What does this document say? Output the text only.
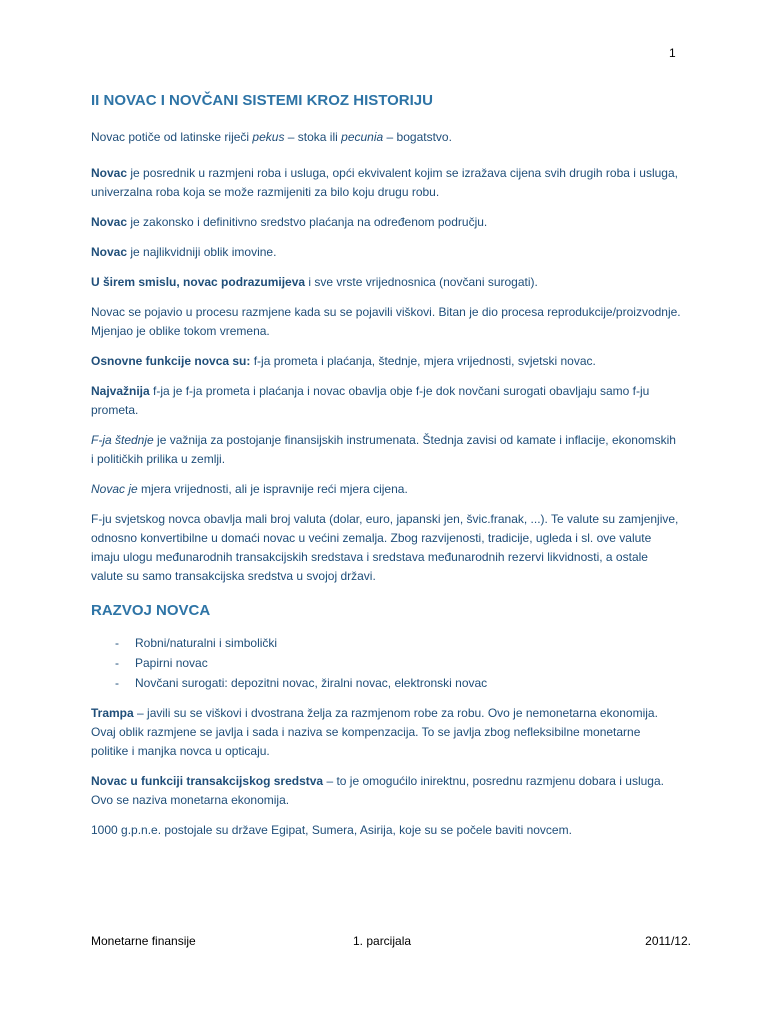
1
II NOVAC I NOVČANI SISTEMI KROZ HISTORIJU

Novac potiče od latinske riječi pekus – stoka ili pecunia – bogatstvo.

Novac je posrednik u razmjeni roba i usluga, opći ekvivalent kojim se izražava cijena svih drugih roba i usluga, univerzalna roba koja se može razmijeniti za bilo koju drugu robu.

Novac je zakonsko i definitivno sredstvo plaćanja na određenom području.

Novac je najlikvidniji oblik imovine.

U širem smislu, novac podrazumijeva i sve vrste vrijednosnica (novčani surogati).

Novac se pojavio u procesu razmjene kada su se pojavili viškovi. Bitan je dio procesa reprodukcije/proizvodnje. Mjenjao je oblike tokom vremena.

Osnovne funkcije novca su: f-ja prometa i plaćanja, štednje, mjera vrijednosti, svjetski novac.

Najvažnija f-ja je f-ja prometa i plaćanja i novac obavlja obje f-je dok novčani surogati obavljaju samo f-ju prometa.

F-ja štednje je važnija za postojanje finansijskih instrumenata. Štednja zavisi od kamate i inflacije, ekonomskih i političkih prilika u zemlji.

Novac je mjera vrijednosti, ali je ispravnije reći mjera cijena.

F-ju svjetskog novca obavlja mali broj valuta (dolar, euro, japanski jen, švic.franak, ...). Te valute su zamjenjive, odnosno konvertibilne u domaći novac u većini zemalja. Zbog razvijenosti, tradicije, ugleda i sl. ove valute imaju ulogu međunarodnih transakcijskih sredstava i sredstava međunarodnih rezervi likvidnosti, a ostale valute su samo transakcijska sredstva u svojoj državi.

RAZVOJ NOVCA
- Robni/naturalni i simbolički
- Papirni novac
- Novčani surogati: depozitni novac, žiralni novac, elektronski novac

Trampa – javili su se viškovi i dvostrana želja za razmjenom robe za robu. Ovo je nemonetarna ekonomija. Ovaj oblik razmjene se javlja i sada i naziva se kompenzacija. To se javlja zbog nefleksibilne monetarne politike i manjka novca u opticaju.

Novac u funkciji transakcijskog sredstva – to je omogućilo inirektnu, posrednu razmjenu dobara i usluga. Ovo se naziva monetarna ekonomija.

1000 g.p.n.e. postojale su države Egipat, Sumera, Asirija, koje su se počele baviti novcem.

Monetarne finansije	1. parcijala	2011/12.
